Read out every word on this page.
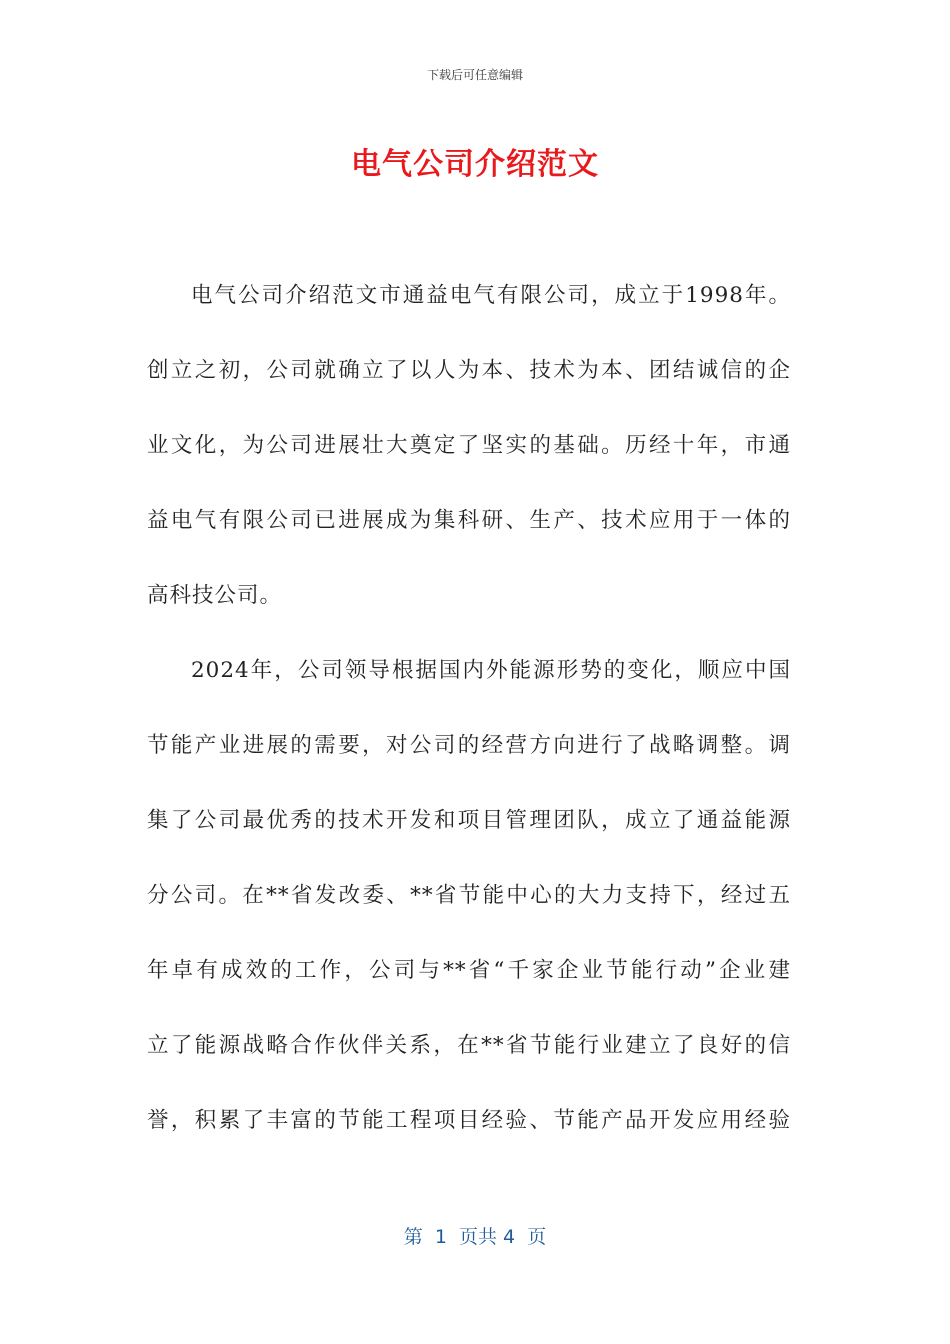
下载后可任意编辑
电气公司介绍范文
电气公司介绍范文市通益电气有限公司，成立于1998年。
创立之初，公司就确立了以人为本、技术为本、团结诚信的企
业文化，为公司进展壮大奠定了坚实的基础。历经十年，市通
益电气有限公司已进展成为集科研、生产、技术应用于一体的
高科技公司。
2024年，公司领导根据国内外能源形势的变化，顺应中国
节能产业进展的需要，对公司的经营方向进行了战略调整。调
集了公司最优秀的技术开发和项目管理团队，成立了通益能源
分公司。在**省发改委、**省节能中心的大力支持下，经过五
年卓有成效的工作，公司与**省“千家企业节能行动”企业建
立了能源战略合作伙伴关系，在**省节能行业建立了良好的信
誉，积累了丰富的节能工程项目经验、节能产品开发应用经验
第  1  页共 4  页
